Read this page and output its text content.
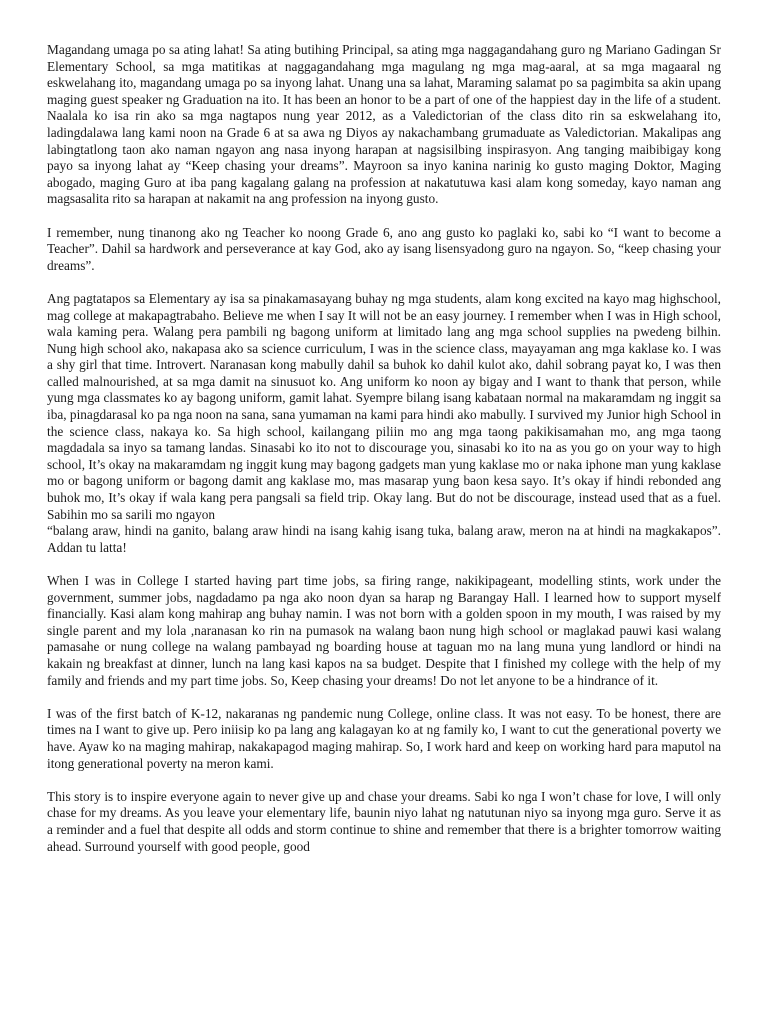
Magandang umaga po sa ating lahat! Sa ating butihing Principal, sa ating mga naggagandahang guro ng Mariano Gadingan Sr Elementary School, sa mga matitikas at naggagandahang mga magulang ng mga mag-aaral, at sa mga magaaral ng eskwelahang ito, magandang umaga po sa inyong lahat. Unang una sa lahat, Maraming salamat po sa pagimbita sa akin upang maging guest speaker ng Graduation na ito. It has been an honor to be a part of one of the happiest day in the life of a student. Naalala ko isa rin ako sa mga nagtapos nung year 2012, as a Valedictorian of the class dito rin sa eskwelahang ito, ladingdalawa lang kami noon na Grade 6 at sa awa ng Diyos ay nakachambang grumaduate as Valedictorian. Makalipas ang labingtatlong taon ako naman ngayon ang nasa inyong harapan at nagsisilbing inspirasyon. Ang tanging maibibigay kong payo sa inyong lahat ay “Keep chasing your dreams”. Mayroon sa inyo kanina narinig ko gusto maging Doktor, Maging abogado, maging Guro at iba pang kagalang galang na profession at nakatutuwa kasi alam kong someday, kayo naman ang magsasalita rito sa harapan at nakamit na ang profession na inyong gusto.

I remember, nung tinanong ako ng Teacher ko noong Grade 6, ano ang gusto ko paglaki ko, sabi ko “I want to become a Teacher”. Dahil sa hardwork and perseverance at kay God, ako ay isang lisensyadong guro na ngayon. So, “keep chasing your dreams”.

Ang pagtatapos sa Elementary ay isa sa pinakamasayang buhay ng mga students, alam kong excited na kayo mag highschool, mag college at makapagtrabaho. Believe me when I say It will not be an easy journey. I remember when I was in High school, wala kaming pera. Walang pera pambili ng bagong uniform at limitado lang ang mga school supplies na pwedeng bilhin. Nung high school ako, nakapasa ako sa science curriculum, I was in the science class, mayayaman ang mga kaklase ko. I was a shy girl that time. Introvert. Naranasan kong mabully dahil sa buhok ko dahil kulot ako, dahil sobrang payat ko, I was then called malnourished, at sa mga damit na sinusuot ko. Ang uniform ko noon ay bigay and I want to thank that person, while yung mga classmates ko ay bagong uniform, gamit lahat. Syempre bilang isang kabataan normal na makaramdam ng inggit sa iba, pinagdarasal ko pa nga noon na sana, sana yumaman na kami para hindi ako mabully. I survived my Junior high School in the science class, nakaya ko. Sa high school, kailangang piliin mo ang mga taong pakikisamahan mo, ang mga taong magdadala sa inyo sa tamang landas. Sinasabi ko ito not to discourage you, sinasabi ko ito na as you go on your way to high school, It’s okay na makaramdam ng inggit kung may bagong gadgets man yung kaklase mo or naka iphone man yung kaklase mo or bagong uniform or bagong damit ang kaklase mo, mas masarap yung baon kesa sayo. It’s okay if hindi rebonded ang buhok mo, It’s okay if wala kang pera pangsali sa field trip. Okay lang. But do not be discourage, instead used that as a fuel. Sabihin mo sa sarili mo ngayon
“balang araw, hindi na ganito, balang araw hindi na isang kahig isang tuka, balang araw, meron na at hindi na magkakapos”. Addan tu latta!

When I was in College I started having part time jobs, sa firing range, nakikipageant, modelling stints, work under the government, summer jobs, nagdadamo pa nga ako noon dyan sa harap ng Barangay Hall. I learned how to support myself financially. Kasi alam kong mahirap ang buhay namin. I was not born with a golden spoon in my mouth, I was raised by my single parent and my lola ,naranasan ko rin na pumasok na walang baon nung high school or maglakad pauwi kasi walang pamasahe or nung college na walang pambayad ng boarding house at taguan mo na lang muna yung landlord or hindi na kakain ng breakfast at dinner, lunch na lang kasi kapos na sa budget. Despite that I finished my college with the help of my family and friends and my part time jobs. So, Keep chasing your dreams! Do not let anyone to be a hindrance of it.

I was of the first batch of K-12, nakaranas ng pandemic nung College, online class. It was not easy. To be honest, there are times na I want to give up. Pero iniisip ko pa lang ang kalagayan ko at ng family ko, I want to cut the generational poverty we have. Ayaw ko na maging mahirap, nakakapagod maging mahirap. So, I work hard and keep on working hard para maputol na itong generational poverty na meron kami.

This story is to inspire everyone again to never give up and chase your dreams. Sabi ko nga I won’t chase for love, I will only chase for my dreams. As you leave your elementary life, baunin niyo lahat ng natutunan niyo sa inyong mga guro. Serve it as a reminder and a fuel that despite all odds and storm continue to shine and remember that there is a brighter tomorrow waiting ahead. Surround yourself with good people, good
